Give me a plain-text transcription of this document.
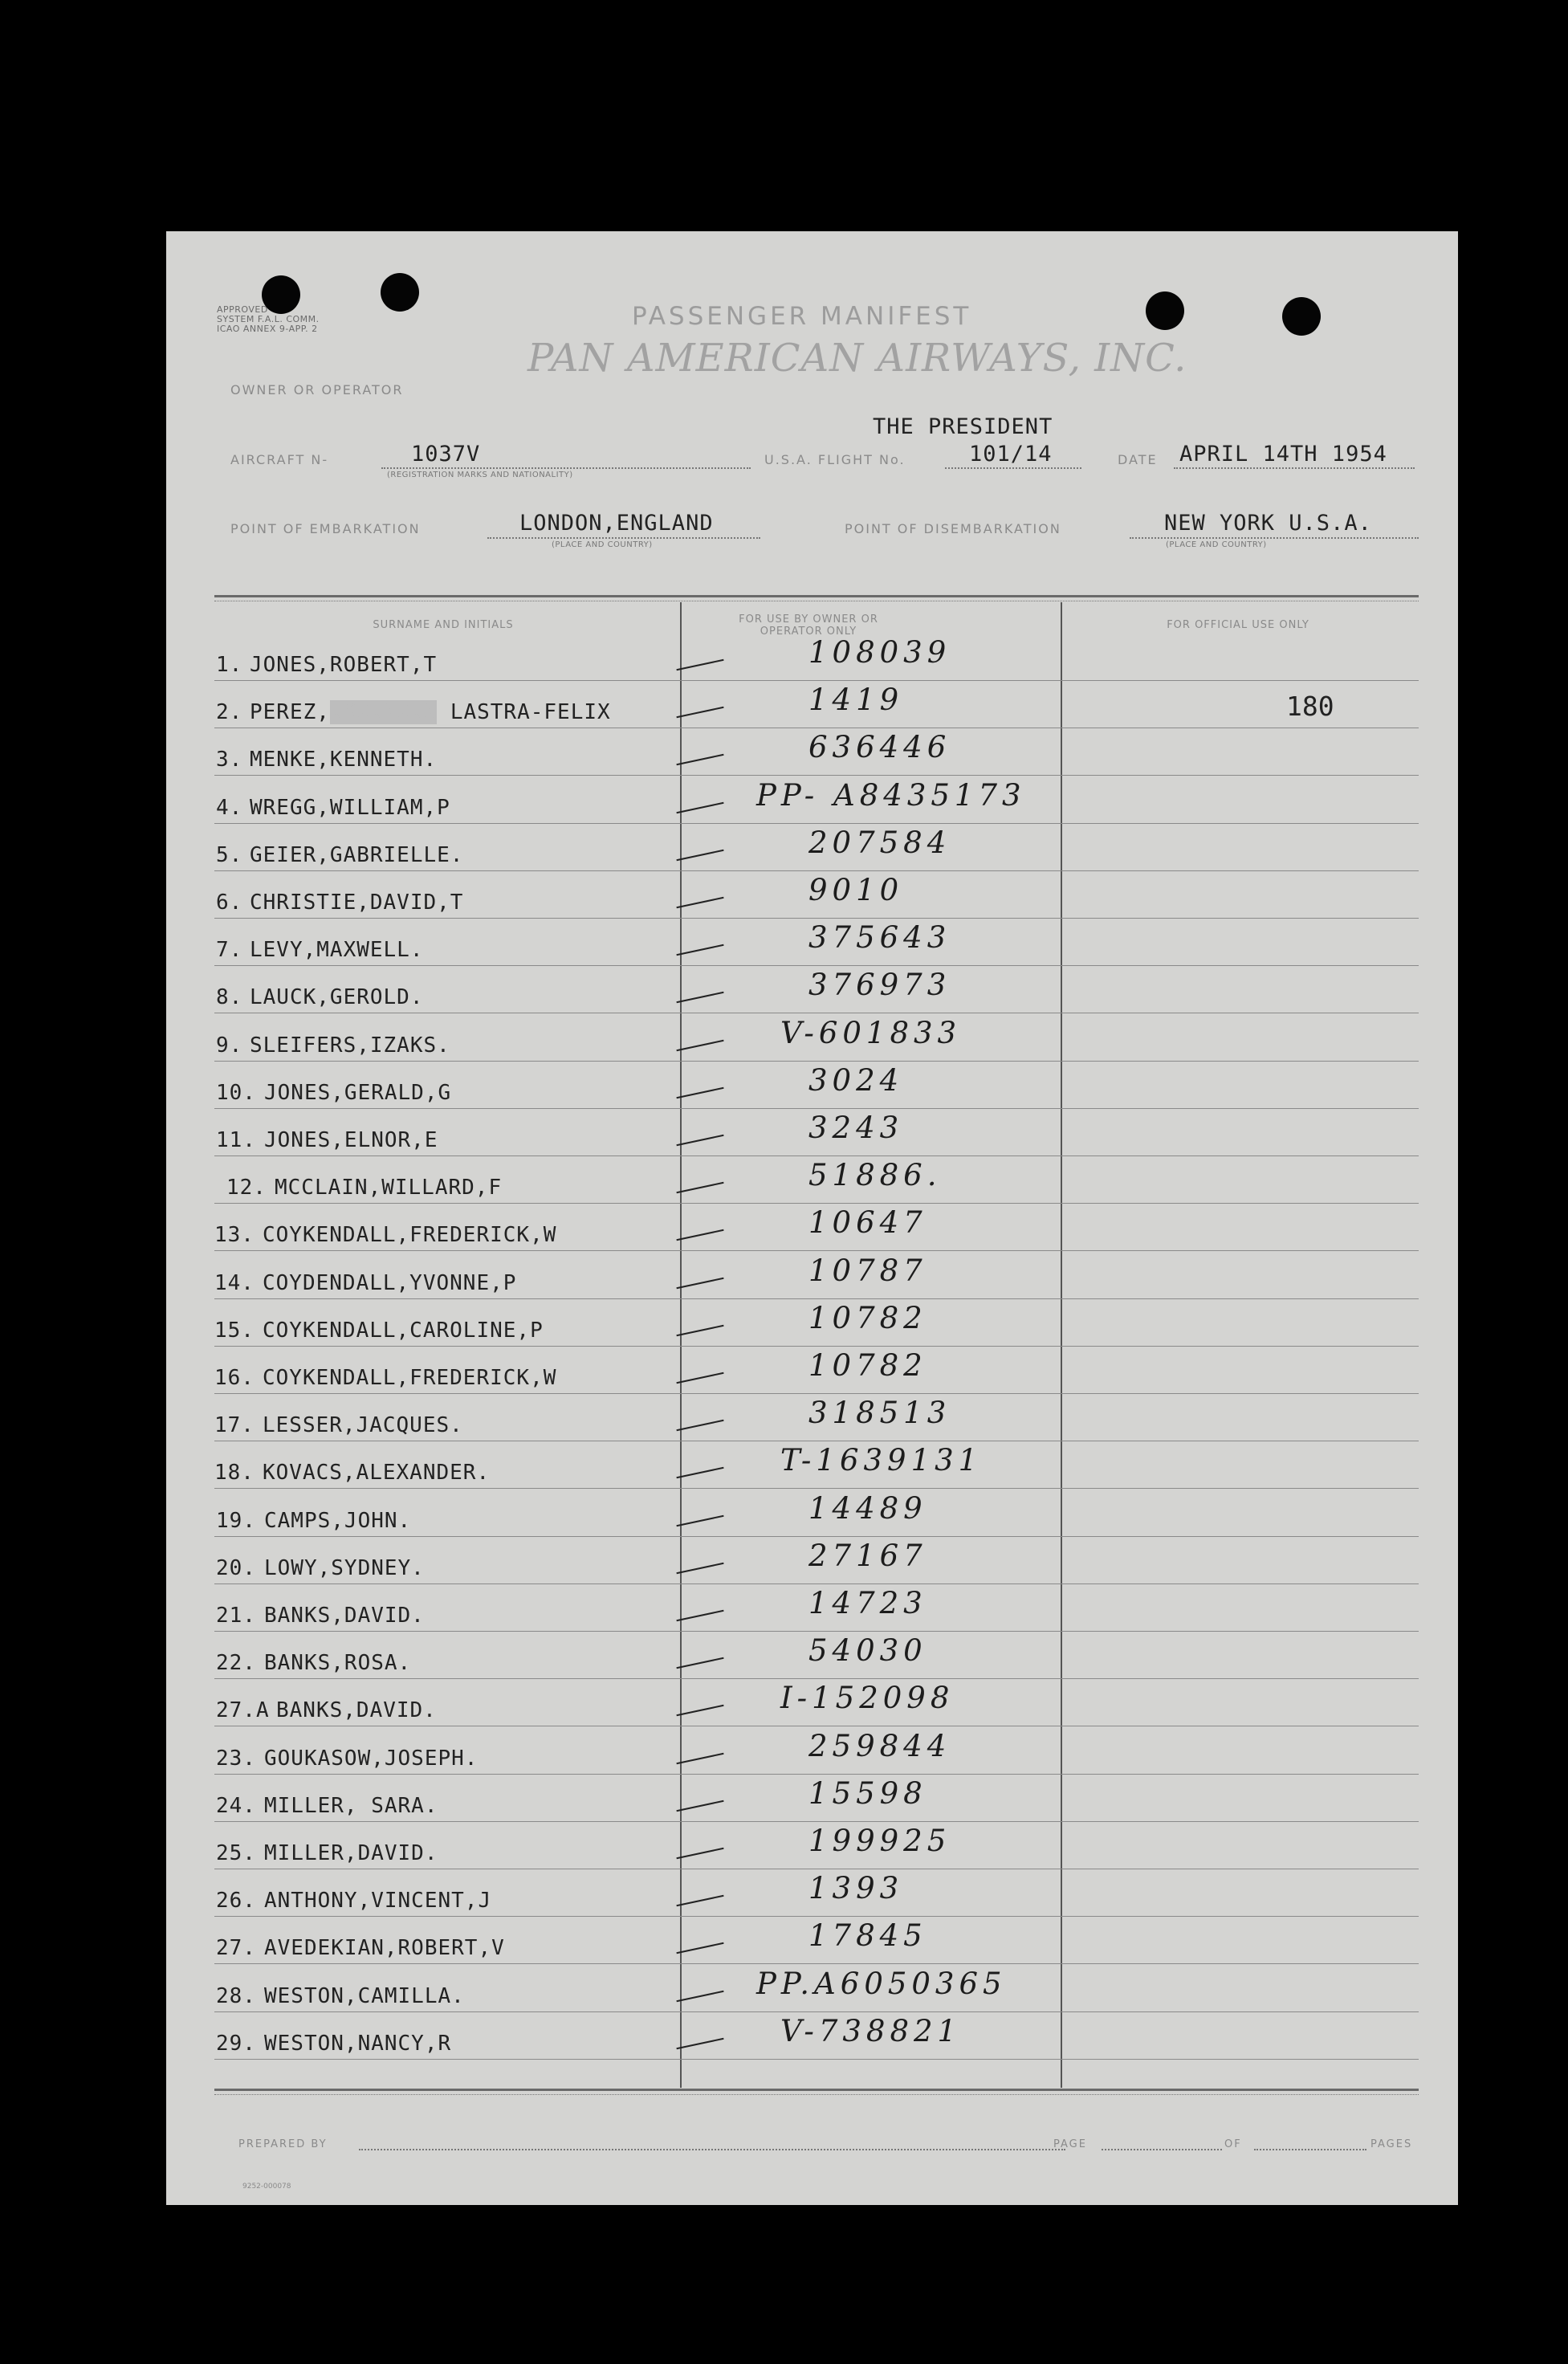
APPROVED
SYSTEM F.A.L. COMM.
ICAO ANNEX 9-APP. 2	PASSENGER MANIFEST
PAN AMERICAN AIRWAYS, INC.
OWNER OR OPERATOR
THE PRESIDENT
AIRCRAFT N-	1037V
(REGISTRATION MARKS AND NATIONALITY)
U.S.A. FLIGHT No.	101/14	DATE APRIL 14TH 1954
POINT OF EMBARKATION	LONDON,ENGLAND
(PLACE AND COUNTRY)
POINT OF DISEMBARKATION	NEW YORK U.S.A.
(PLACE AND COUNTRY)
SURNAME AND INITIALS	FOR USE BY OWNER OR OPERATOR ONLY
FOR OFFICIAL USE ONLY
1. JONES,ROBERT,T	108039
2. PEREZ,XXXXXXXX LASTRA-FELIX	1419	180
3. MENKE,KENNETH.	636446
4. WREGG,WILLIAM,P	PP- A8435173
5. GEIER,GABRIELLE.	207584
6. CHRISTIE,DAVID,T	9010
7. LEVY,MAXWELL.	375643
8. LAUCK,GEROLD.	376973
9. SLEIFERS,IZAKS.	V-601833
10. JONES,GERALD,G	3024
11. JONES,ELNOR,E	3243
12. MCCLAIN,WILLARD,F	51886.
13. COYKENDALL,FREDERICK,W	10647
14. COYDENDALL,YVONNE,P	10787
15. COYKENDALL,CAROLINE,P	10782
16. COYKENDALL,FREDERICK,W	10782
17. LESSER,JACQUES.	318513
18. KOVACS,ALEXANDER.	T-1639131
19. CAMPS,JOHN.	14489
20. LOWY,SYDNEY.	27167
21. BANKS,DAVID.	14723
22. BANKS,ROSA.	54030
27.A BANKS,DAVID.	I-152098
23. GOUKASOW,JOSEPH.	259844
24. MILLER, SARA.	15598
25. MILLER,DAVID.	199925
26. ANTHONY,VINCENT,J	1393
27. AVEDEKIAN,ROBERT,V	17845
28. WESTON,CAMILLA.	PP.A6050365
29. WESTON,NANCY,R	V-738821
PREPARED BY	PAGE	OF	PAGES
9252-000078
